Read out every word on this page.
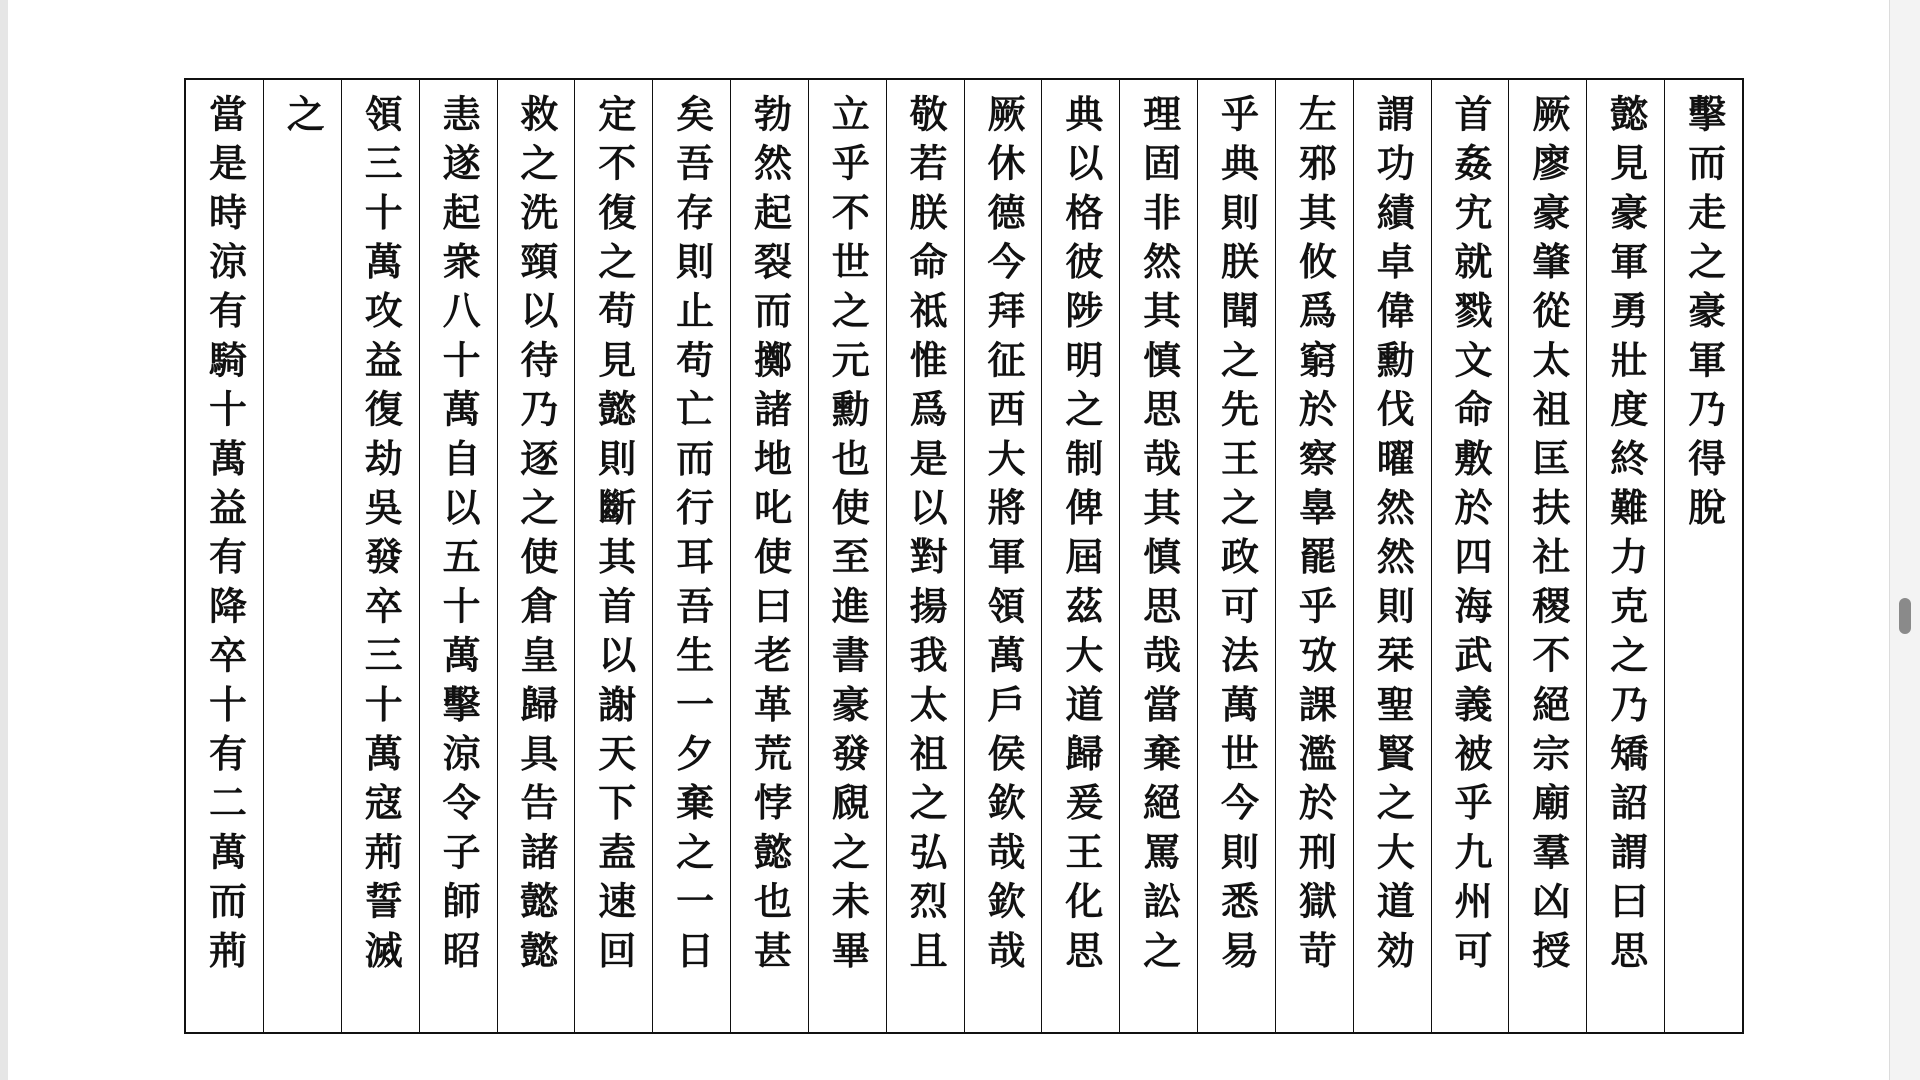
擊而走之豪軍乃得脫
懿見豪軍勇壯度終難力克之乃矯詔謂曰思
厥廖豪肇從太祖匡扶社稷不絕宗廟羣凶授
首姦宄就戮文命敷於四海武義被乎九州可
謂功績卓偉勳伐曜然然則栞聖賢之大道効
左邪其攸爲窮於察辠罷乎攷課濫於刑獄苛
乎典則朕聞之先王之政可法萬世今則悉易
理固非然其慎思哉其慎思哉當棄絕罵訟之
典以格彼陟明之制俾屆茲大道歸爰王化思
厥休德今拜征西大將軍領萬戶侯欽哉欽哉
敬若朕命祗惟爲是以對揚我太祖之弘烈且
立乎不世之元勳也使至進書豪發覛之未畢
勃然起裂而擲諸地叱使曰老革荒悖懿也甚
矣吾存則止苟亡而行耳吾生一夕棄之一日
定不復之苟見懿則斷其首以謝天下盍速回
救之洗頸以待乃逐之使倉皇歸具告諸懿懿
恚遂起衆八十萬自以五十萬擊涼令子師昭
領三十萬攻益復劫吳發卒三十萬寇荊誓滅
之
當是時涼有騎十萬益有降卒十有二萬而荊
